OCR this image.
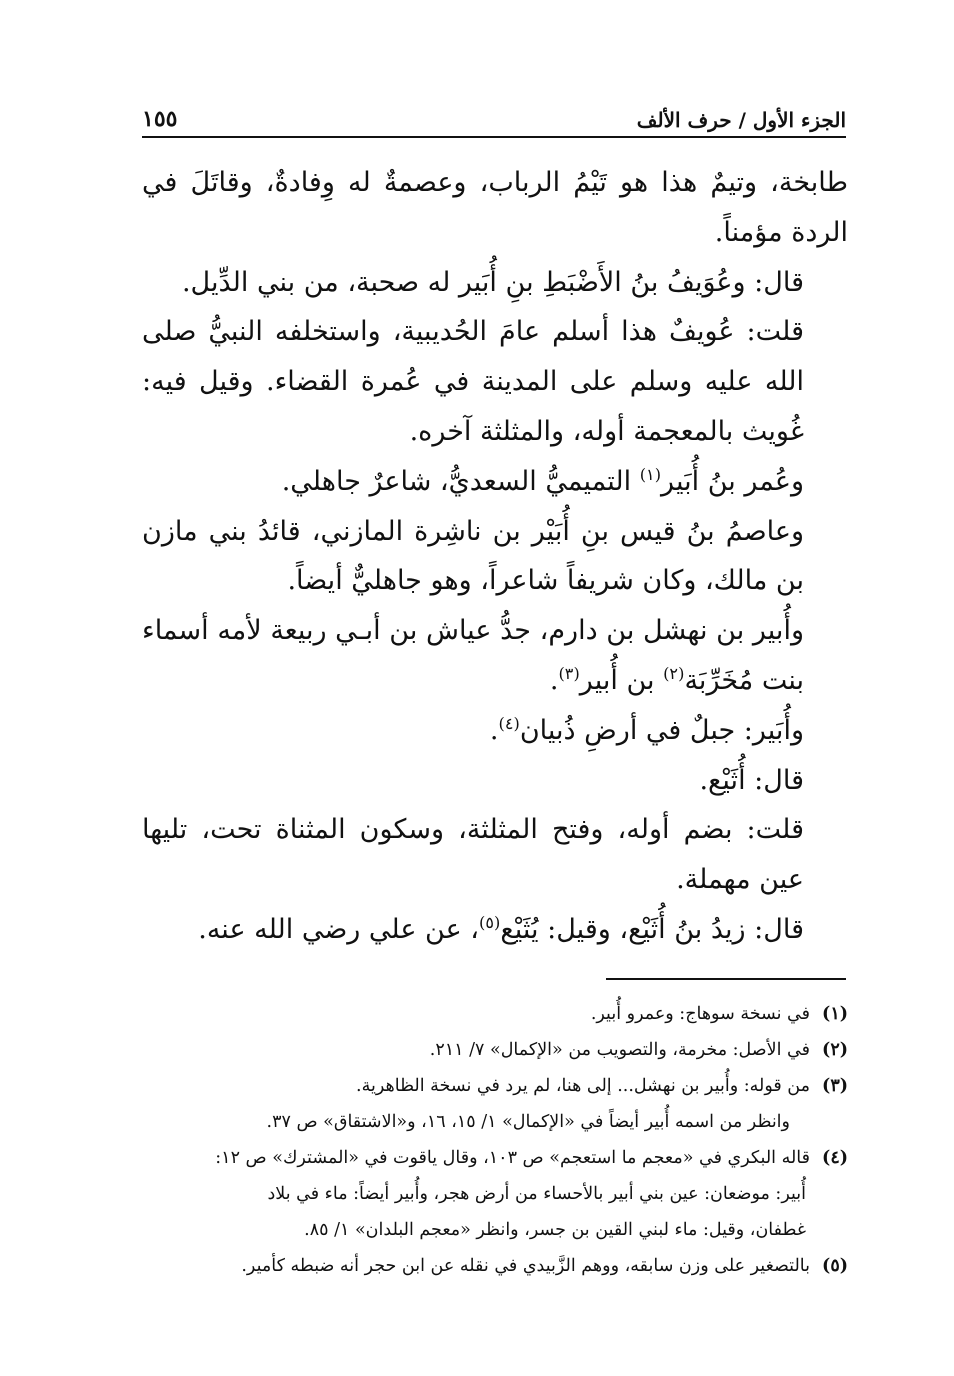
الجزء الأول / حرف الألف
١٥٥

طابخة، وتيمٌ هذا هو تَيْمُ الرباب، وعصمةٌ له وِفادةٌ، وقاتَلَ في الردة مؤمناً.

قال: وعُوَيفُ بنُ الأَضْبَطِ بنِ أُبَير له صحبة، من بني الدِّيل.

قلت: عُويفٌ هذا أسلم عامَ الحُديبية، واستخلفه النبيُّ صلى الله عليه وسلم على المدينة في عُمرة القضاء. وقيل فيه: غُويث بالمعجمة أوله، والمثلثة آخره.

وعُمر بنُ أُبَير$^{(١)}$ التميميُّ السعديُّ، شاعرٌ جاهلي.

وعاصمُ بنُ قيس بنِ أُبَيْر بن ناشِرة المازني، قائدُ بني مازن بن مالك، وكان شريفاً شاعراً، وهو جاهليٌّ أيضاً.

وأُبير بن نهشل بن دارم، جدُّ عياش بن أبـي ربيعة لأمه أسماء بنت مُخَرِّبَة$^{(٢)}$ بن أُبير$^{(٣)}$.

وأُبَير: جبلٌ في أرضِ ذُبيان$^{(٤)}$.

قال: أُثَيْع.

قلت: بضم أوله، وفتح المثلثة، وسكون المثناة تحت، تليها عين مهملة.

قال: زيدُ بنُ أُثَيْع، وقيل: يُثَيْع$^{(٥)}$، عن علي رضي الله عنه.

(١)
في نسخة سوهاج: وعمرو أُبير.
(٢)
في الأصل: مخرمة، والتصويب من «الإكمال» ٧/ ٢١١.
(٣)
من قوله: وأُبير بن نهشل... إلى هنا، لم يرد في نسخة الظاهرية.
وانظر من اسمه أُبير أيضاً في «الإكمال» ١/ ١٥، ١٦، و«الاشتقاق» ص ٣٧.
(٤)
قاله البكري في «معجم ما استعجم» ص ١٠٣، وقال ياقوت في «المشترك» ص ١٢:
أُبير: موضعان: عين بني أبير بالأحساء من أرض هجر، وأُبير أيضاً: ماء في بلاد
غطفان، وقيل: ماء لبني القين بن جسر، وانظر «معجم البلدان» ١/ ٨٥.
(٥)
بالتصغير على وزن سابقه، ووهم الزَّبيدي في نقله عن ابن حجر أنه ضبطه كأمير.
